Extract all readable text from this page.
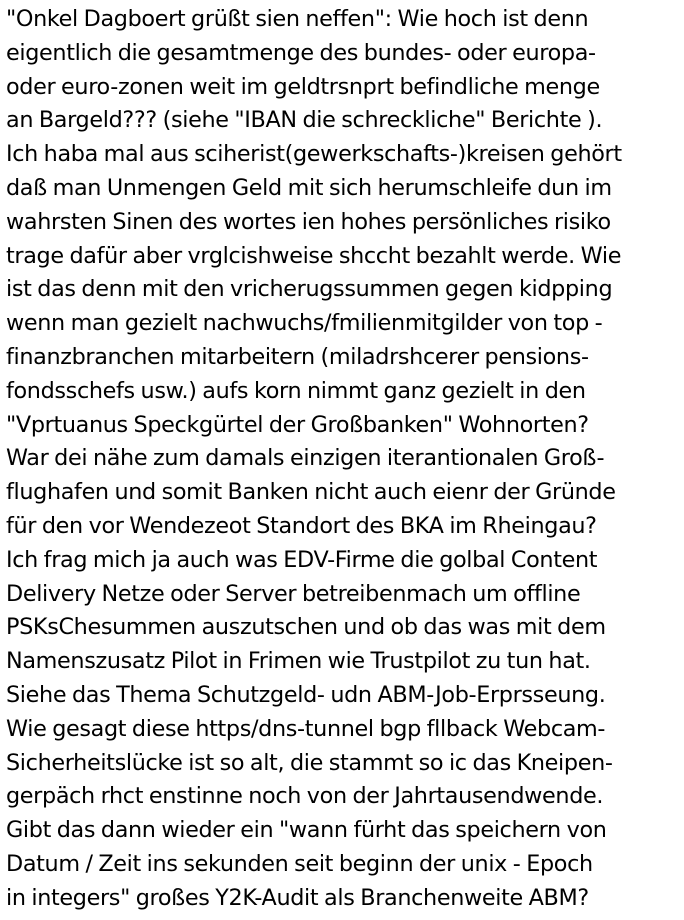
"Onkel Dagboert grüßt sien neffen": Wie hoch ist denn
eigentlich die gesamtmenge des bundes- oder europa-
oder euro-zonen weit im geldtrsnprt befindliche menge
an Bargeld??? (siehe "IBAN die schreckliche" Berichte ).
Ich haba mal aus sciherist(gewerkschafts-)kreisen gehört
daß man Unmengen Geld mit sich herumschleife dun im
wahrsten Sinen des wortes ien hohes persönliches risiko
trage dafür aber vrglcishweise shccht bezahlt werde. Wie
ist das denn mit den vricherugssummen gegen kidpping
wenn man gezielt nachwuchs/fmilienmitgilder von top -
finanzbranchen mitarbeitern (miladrshcerer pensions-
fondsschefs usw.) aufs korn nimmt ganz gezielt in den
"Vprtuanus Speckgürtel der Großbanken" Wohnorten?
War dei nähe zum damals einzigen iterantionalen Groß-
flughafen und somit Banken nicht auch eienr der Gründe
für den vor Wendezeot Standort des BKA im Rheingau?
Ich frag mich ja auch was EDV-Firme die golbal Content
Delivery Netze oder Server betreibenmach um offline
PSKsChesummen auszutschen und ob das was mit dem
Namenszusatz Pilot in Frimen wie Trustpilot zu tun hat.
Siehe das Thema Schutzgeld- udn ABM-Job-Erprsseung.
Wie gesagt diese https/dns-tunnel bgp fllback Webcam-
Sicherheitslücke ist so alt, die stammt so ic das Kneipen-
gerpäch rhct enstinne noch von der Jahrtausendwende.
Gibt das dann wieder ein "wann fürht das speichern von
Datum / Zeit ins sekunden seit beginn der unix - Epoch
in integers" großes Y2K-Audit als Branchenweite ABM?
